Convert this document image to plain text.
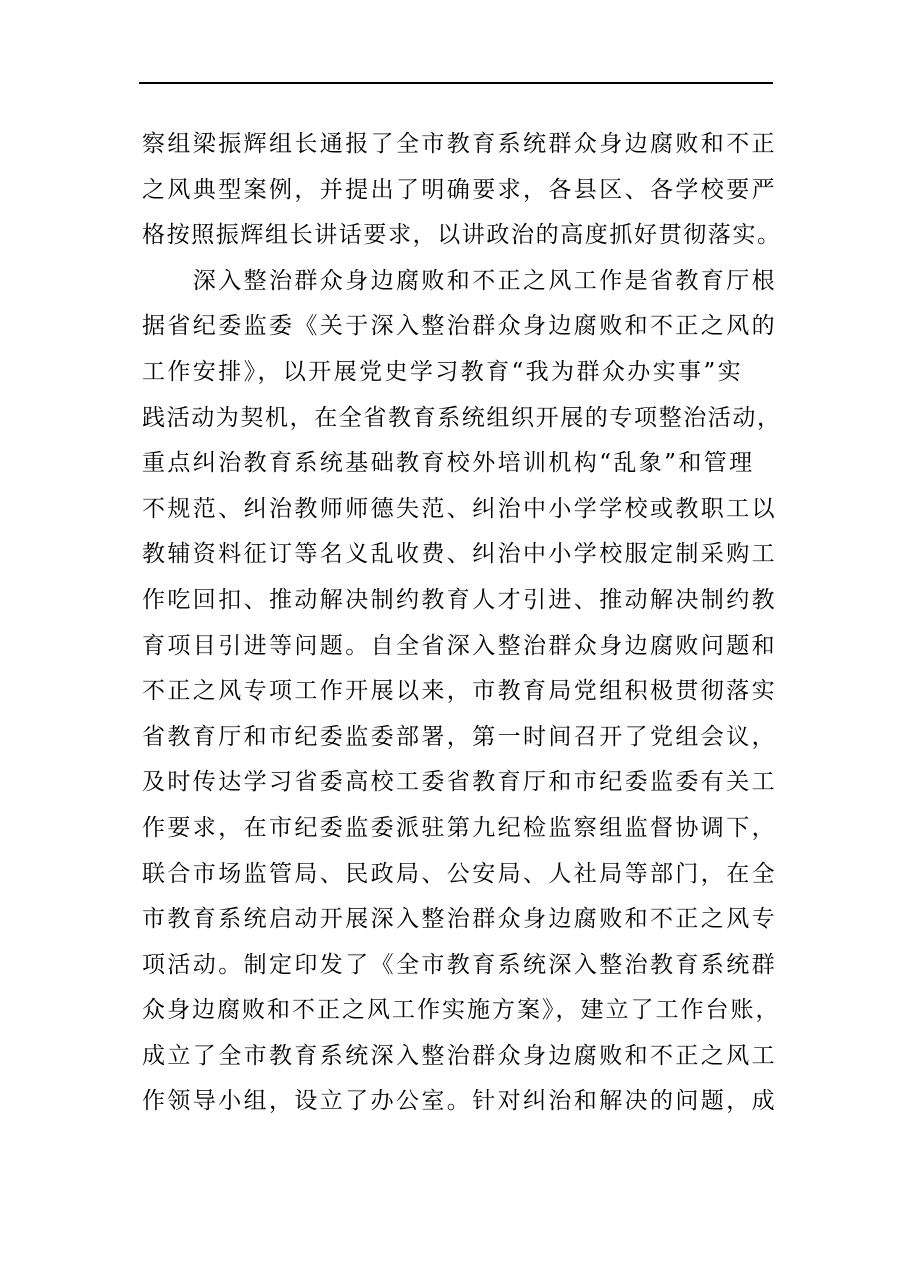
察组梁振辉组长通报了全市教育系统群众身边腐败和不正
之风典型案例，并提出了明确要求，各县区、各学校要严
格按照振辉组长讲话要求，以讲政治的高度抓好贯彻落实。
　　深入整治群众身边腐败和不正之风工作是省教育厅根
据省纪委监委《关于深入整治群众身边腐败和不正之风的
工作安排》，以开展党史学习教育“我为群众办实事”实
践活动为契机，在全省教育系统组织开展的专项整治活动，
重点纠治教育系统基础教育校外培训机构“乱象”和管理
不规范、纠治教师师德失范、纠治中小学学校或教职工以
教辅资料征订等名义乱收费、纠治中小学校服定制采购工
作吃回扣、推动解决制约教育人才引进、推动解决制约教
育项目引进等问题。自全省深入整治群众身边腐败问题和
不正之风专项工作开展以来，市教育局党组积极贯彻落实
省教育厅和市纪委监委部署，第一时间召开了党组会议，
及时传达学习省委高校工委省教育厅和市纪委监委有关工
作要求，在市纪委监委派驻第九纪检监察组监督协调下，
联合市场监管局、民政局、公安局、人社局等部门，在全
市教育系统启动开展深入整治群众身边腐败和不正之风专
项活动。制定印发了《全市教育系统深入整治教育系统群
众身边腐败和不正之风工作实施方案》，建立了工作台账，
成立了全市教育系统深入整治群众身边腐败和不正之风工
作领导小组，设立了办公室。针对纠治和解决的问题，成
